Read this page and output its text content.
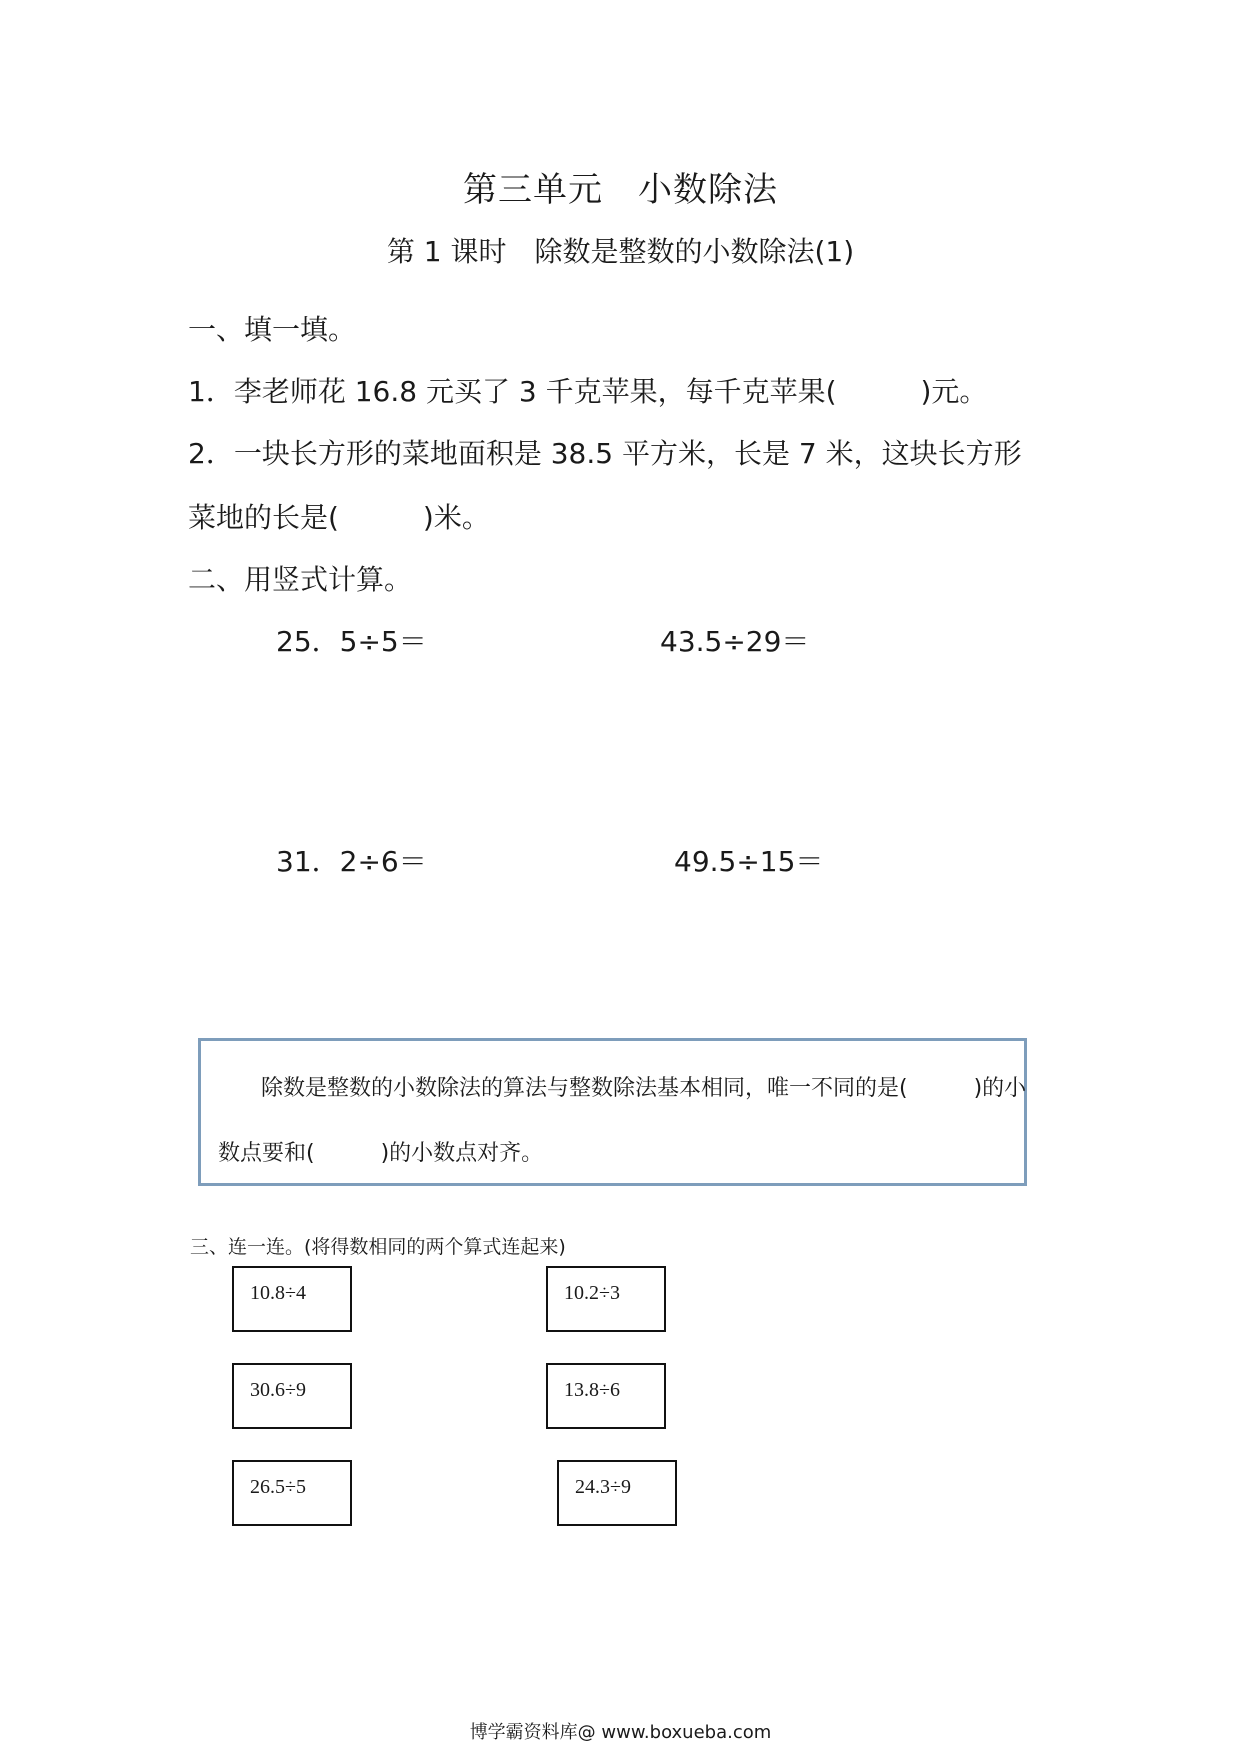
第三单元　小数除法
第 1 课时　除数是整数的小数除法(1)
一、填一填。
1．李老师花 16.8 元买了 3 千克苹果，每千克苹果(　　　)元。
2．一块长方形的菜地面积是 38.5 平方米，长是 7 米，这块长方形
菜地的长是(　　　)米。
二、用竖式计算。
25．5÷5＝	43.5÷29＝
31．2÷6＝	49.5÷15＝
除数是整数的小数除法的算法与整数除法基本相同，唯一不同的是(　　　)的小
数点要和(　　　)的小数点对齐。
三、连一连。(将得数相同的两个算式连起来)
10.8÷4
30.6÷9
26.5÷5
10.2÷3
13.8÷6
24.3÷9
博学霸资料库@ www.boxueba.com
